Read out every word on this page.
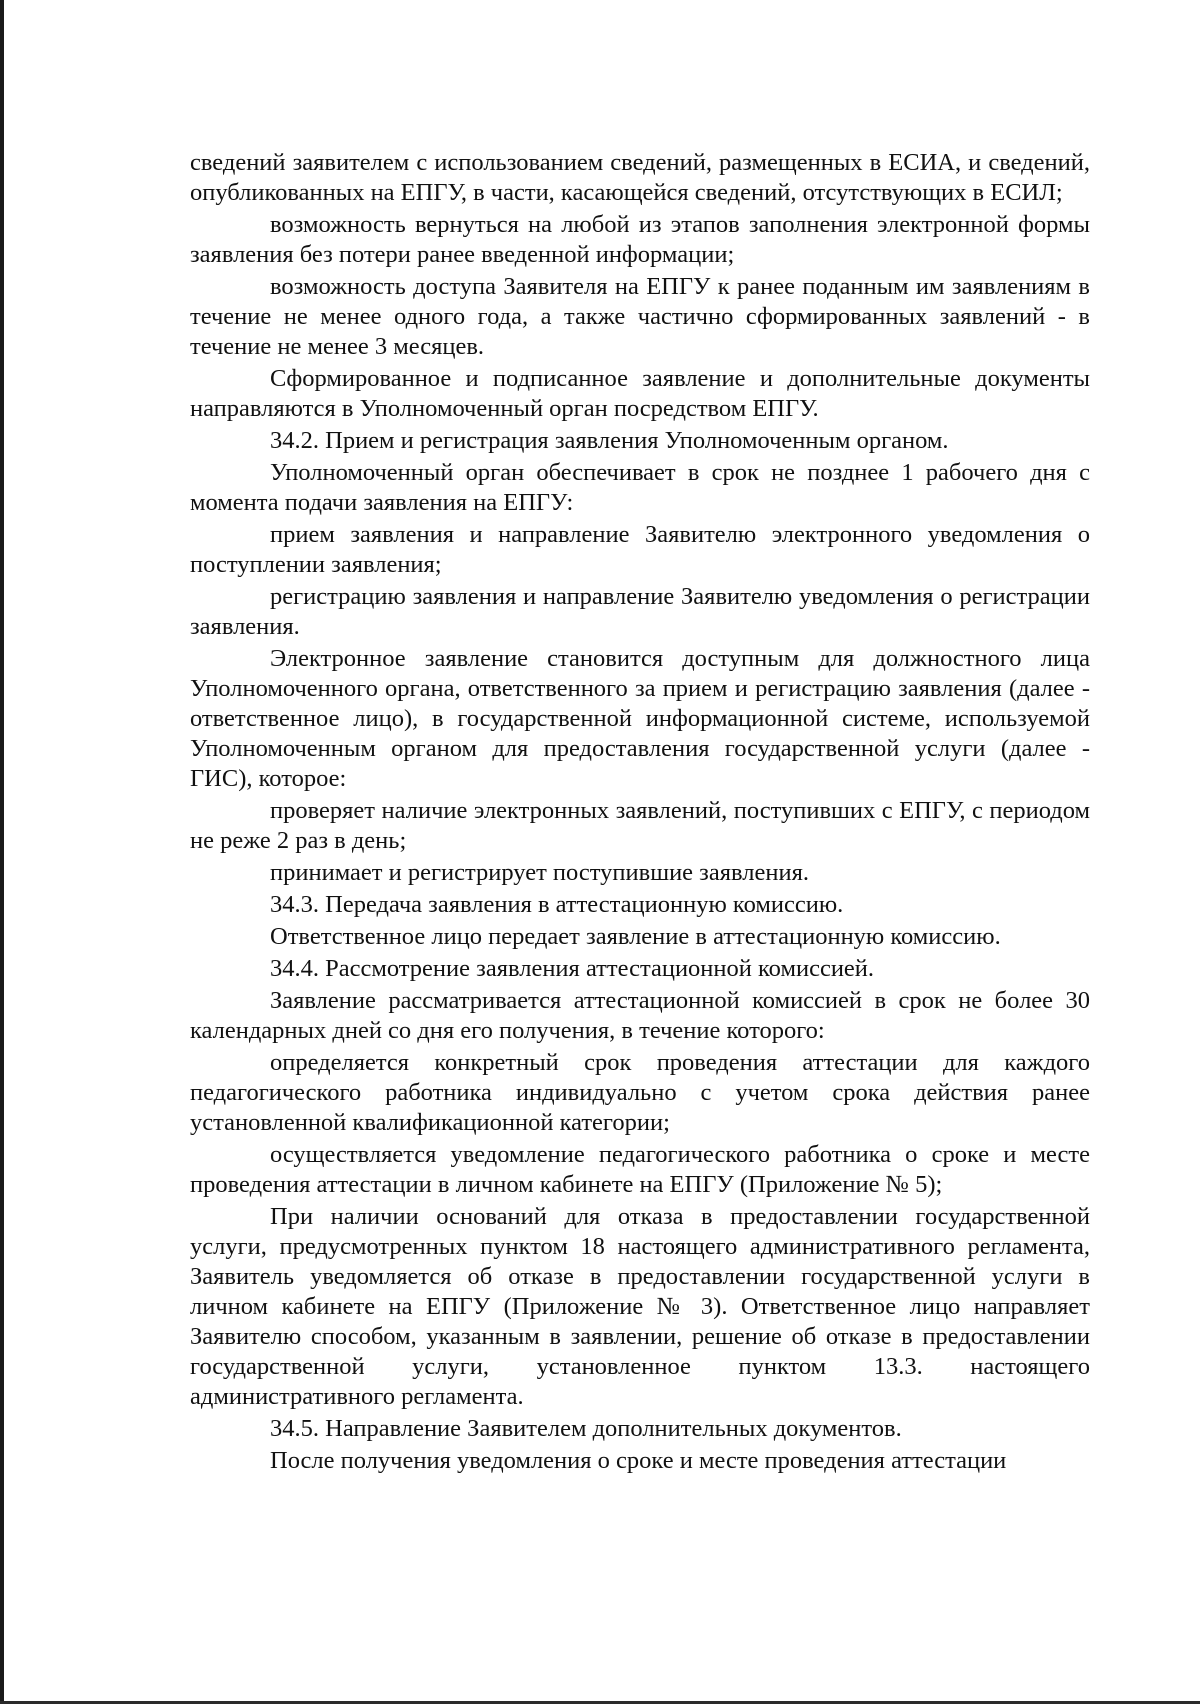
сведений заявителем с использованием сведений, размещенных в ЕСИА, и сведений, опубликованных на ЕПГУ, в части, касающейся сведений, отсутствующих в ЕСИЛ;

возможность вернуться на любой из этапов заполнения электронной формы заявления без потери ранее введенной информации;

возможность доступа Заявителя на ЕПГУ к ранее поданным им заявлениям в течение не менее одного года, а также частично сформированных заявлений - в течение не менее 3 месяцев.

Сформированное и подписанное заявление и дополнительные документы направляются в Уполномоченный орган посредством ЕПГУ.

34.2. Прием и регистрация заявления Уполномоченным органом.

Уполномоченный орган обеспечивает в срок не позднее 1 рабочего дня с момента подачи заявления на ЕПГУ:

прием заявления и направление Заявителю электронного уведомления о поступлении заявления;

регистрацию заявления и направление Заявителю уведомления о регистрации заявления.

Электронное заявление становится доступным для должностного лица Уполномоченного органа, ответственного за прием и регистрацию заявления (далее - ответственное лицо), в государственной информационной системе, используемой Уполномоченным органом для предоставления государственной услуги (далее - ГИС), которое:

проверяет наличие электронных заявлений, поступивших с ЕПГУ, с периодом не реже 2 раз в день;

принимает и регистрирует поступившие заявления.

34.3. Передача заявления в аттестационную комиссию.

Ответственное лицо передает заявление в аттестационную комиссию.

34.4. Рассмотрение заявления аттестационной комиссией.

Заявление рассматривается аттестационной комиссией в срок не более 30 календарных дней со дня его получения, в течение которого:

определяется конкретный срок проведения аттестации для каждого педагогического работника индивидуально с учетом срока действия ранее установленной квалификационной категории;

осуществляется уведомление педагогического работника о сроке и месте проведения аттестации в личном кабинете на ЕПГУ (Приложение № 5);

При наличии оснований для отказа в предоставлении государственной услуги, предусмотренных пунктом 18 настоящего административного регламента, Заявитель уведомляется об отказе в предоставлении государственной услуги в личном кабинете на ЕПГУ (Приложение № 3). Ответственное лицо направляет Заявителю способом, указанным в заявлении, решение об отказе в предоставлении государственной услуги, установленное пунктом 13.3. настоящего административного регламента.

34.5. Направление Заявителем дополнительных документов.

После получения уведомления о сроке и месте проведения аттестации
